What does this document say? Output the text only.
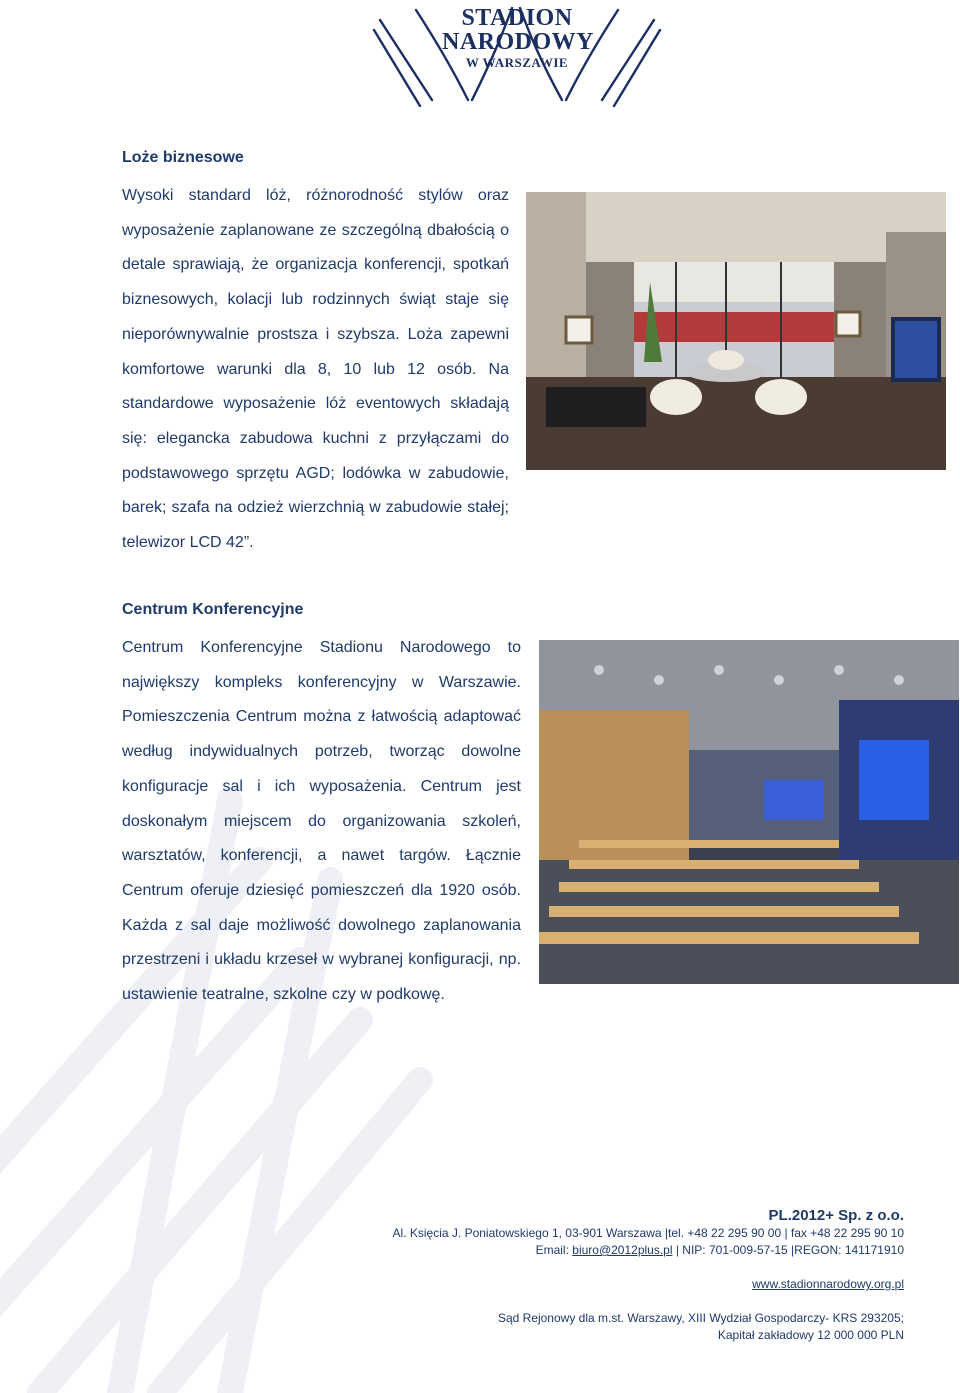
STADION
NARODOWY
W WARSZAWIE
Loże biznesowe

Wysoki standard lóż, różnorodność stylów oraz wyposażenie zaplanowane ze szczególną dbałością o detale sprawiają, że organizacja konferencji, spotkań biznesowych, kolacji lub rodzinnych świąt staje się nieporównywalnie prostsza i szybsza. Loża zapewni komfortowe warunki dla 8, 10 lub 12 osób. Na standardowe wyposażenie lóż eventowych składają się: elegancka zabudowa kuchni z przyłączami do podstawowego sprzętu AGD; lodówka w zabudowie, barek; szafa na odzież wierzchnią w zabudowie stałej; telewizor LCD 42”.

Centrum Konferencyjne

Centrum Konferencyjne Stadionu Narodowego to największy kompleks konferencyjny w Warszawie. Pomieszczenia Centrum można z łatwością adaptować według indywidualnych potrzeb, tworząc dowolne konfiguracje sal i ich wyposażenia. Centrum jest doskonałym miejscem do organizowania szkoleń, warsztatów, konferencji, a nawet targów. Łącznie Centrum oferuje dziesięć pomieszczeń dla 1920 osób. Każda z sal daje możliwość dowolnego zaplanowania przestrzeni i układu krzeseł w wybranej konfiguracji, np. ustawienie teatralne, szkolne czy w podkowę.

PL.2012+ Sp. z o.o.
Al. Księcia J. Poniatowskiego 1, 03-901 Warszawa |tel. +48 22 295 90 00 | fax +48 22 295 90 10
Email: biuro@2012plus.pl | NIP: 701-009-57-15 |REGON: 141171910
www.stadionnarodowy.org.pl
Sąd Rejonowy dla m.st. Warszawy, XIII Wydział Gospodarczy- KRS 293205;
Kapitał zakładowy 12 000 000 PLN
